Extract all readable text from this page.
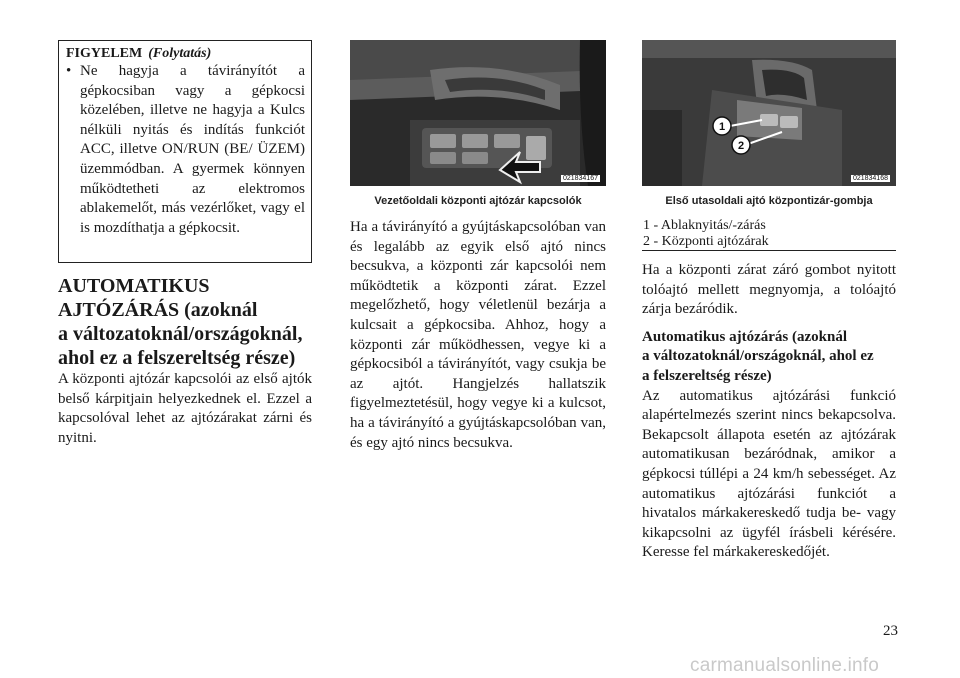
FIGYELEM (Folytatás)
• Ne hagyja a távirányítót a gépkocsiban vagy a gépkocsi közelében, illetve ne hagyja a Kulcs nélküli nyitás és indítás funkciót ACC, illetve ON/RUN (BE/ ÜZEM) üzemmódban. A gyermek könnyen működtetheti az elektromos ablakemelőt, más vezérlőket, vagy el is mozdíthatja a gépkocsit.
AUTOMATIKUS
AJTÓZÁRÁS (azoknál
a változatoknál/országoknál,
ahol ez a felszereltség része)

A központi ajtózár kapcsolói az első ajtók belső kárpitjain helyezkednek el. Ezzel a kapcsolóval lehet az ajtózárakat zárni és nyitni.

021834167
Vezetőoldali központi ajtózár kapcsolók

Ha a távirányító a gyújtáskapcsolóban van és legalább az egyik első ajtó nincs becsukva, a központi zár kapcsolói nem működtetik a központi zárat. Ezzel megelőzhető, hogy véletlenül bezárja a kulcsait a gépkocsiba. Ahhoz, hogy a központi zár működhessen, vegye ki a gépkocsiból a távirányítót, vagy csukja be az ajtót. Hangjelzés hallatszik figyelmeztetésül, hogy vegye ki a kulcsot, ha a távirányító a gyújtáskapcsolóban van, és egy ajtó nincs becsukva.

1
2
021834168
Első utasoldali ajtó központizár-gombja
1 - Ablaknyitás/-zárás
2 - Központi ajtózárak

Ha a központi zárat záró gombot nyitott tolóajtó mellett megnyomja, a tolóajtó zárja bezáródik.

Automatikus ajtózárás (azoknál
a változatoknál/országoknál, ahol ez
a felszereltség része)

Az automatikus ajtózárási funkció alapértelmezés szerint nincs bekapcsolva. Bekapcsolt állapota esetén az ajtózárak automatikusan bezáródnak, amikor a gépkocsi túllépi a 24 km/h sebességet. Az automatikus ajtózárási funkciót a hivatalos márkakereskedő tudja be- vagy kikapcsolni az ügyfél írásbeli kérésére. Keresse fel márkakereskedőjét.

23
carmanualsonline.info
